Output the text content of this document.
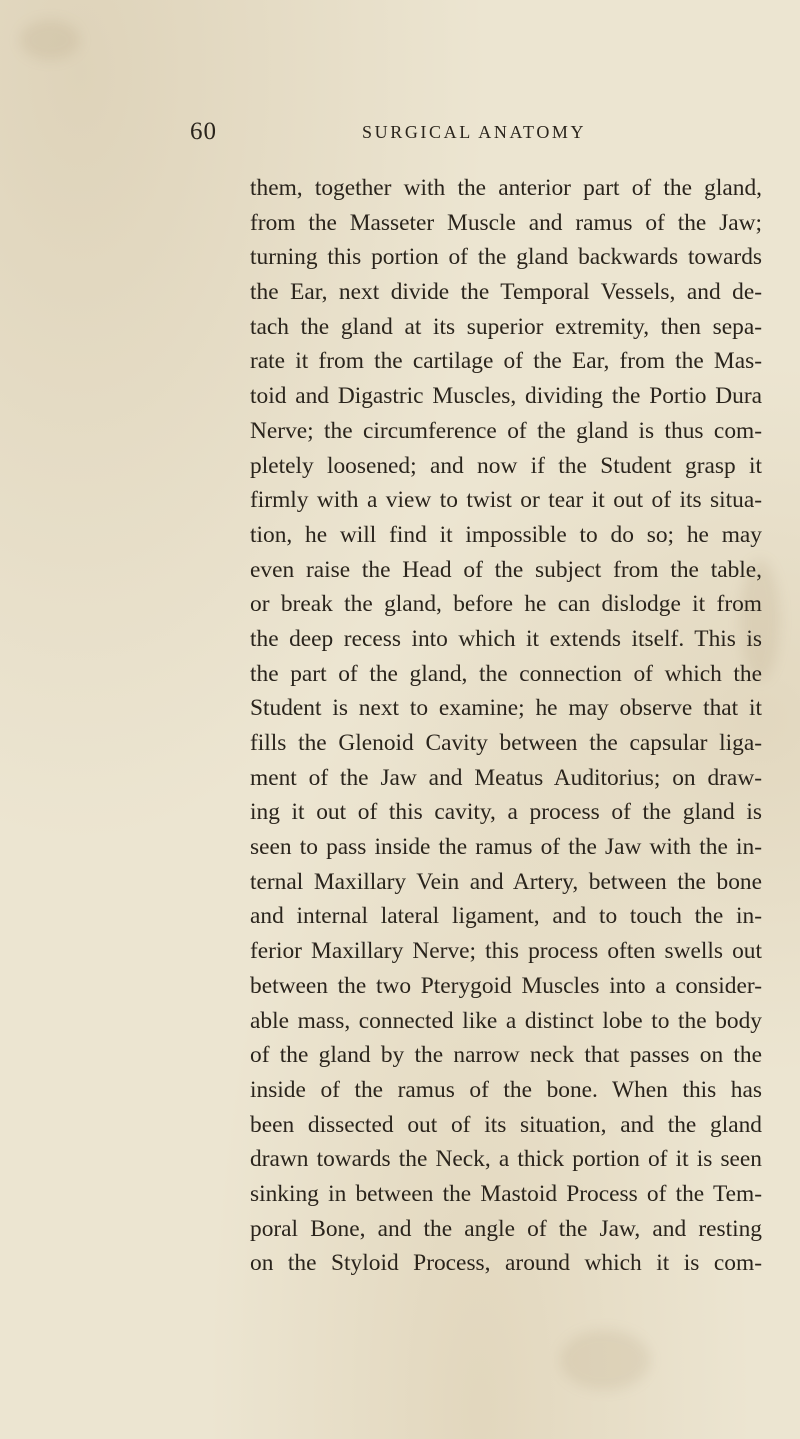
60	SURGICAL ANATOMY
them, together with the anterior part of the gland,
from the Masseter Muscle and ramus of the Jaw;
turning this portion of the gland backwards towards
the Ear, next divide the Temporal Vessels, and de-
tach the gland at its superior extremity, then sepa-
rate it from the cartilage of the Ear, from the Mas-
toid and Digastric Muscles, dividing the Portio Dura
Nerve; the circumference of the gland is thus com-
pletely loosened; and now if the Student grasp it
firmly with a view to twist or tear it out of its situa-
tion, he will find it impossible to do so; he may
even raise the Head of the subject from the table,
or break the gland, before he can dislodge it from
the deep recess into which it extends itself. This is
the part of the gland, the connection of which the
Student is next to examine; he may observe that it
fills the Glenoid Cavity between the capsular liga-
ment of the Jaw and Meatus Auditorius; on draw-
ing it out of this cavity, a process of the gland is
seen to pass inside the ramus of the Jaw with the in-
ternal Maxillary Vein and Artery, between the bone
and internal lateral ligament, and to touch the in-
ferior Maxillary Nerve; this process often swells out
between the two Pterygoid Muscles into a consider-
able mass, connected like a distinct lobe to the body
of the gland by the narrow neck that passes on the
inside of the ramus of the bone. When this has
been dissected out of its situation, and the gland
drawn towards the Neck, a thick portion of it is seen
sinking in between the Mastoid Process of the Tem-
poral Bone, and the angle of the Jaw, and resting
on the Styloid Process, around which it is com-
